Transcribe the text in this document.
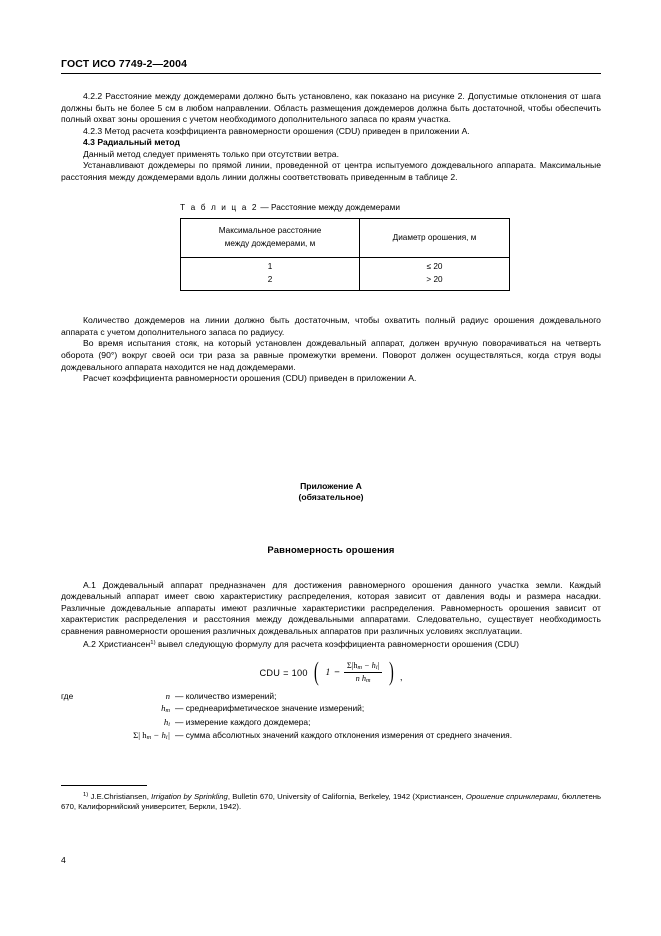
ГОСТ ИСО 7749-2—2004

4.2.2 Расстояние между дождемерами должно быть установлено, как показано на рисунке 2. Допустимые отклонения от шага должны быть не более 5 см в любом направлении. Область размещения дождемеров должна быть достаточной, чтобы обеспечить полный охват зоны орошения с учетом необходимого дополнительного запаса по краям участка.

4.2.3 Метод расчета коэффициента равномерности орошения (CDU) приведен в приложении А.

4.3 Радиальный метод

Данный метод следует применять только при отсутствии ветра.

Устанавливают дождемеры по прямой линии, проведенной от центра испытуемого дождевального аппарата. Максимальные расстояния между дождемерами вдоль линии должны соответствовать приведенным в таблице 2.

Т а б л и ц а 2 — Расстояние между дождемерами

Максимальное расстояние
между дождемерами, м	Диаметр орошения, м
1	≤ 20
2	> 20

Количество дождемеров на линии должно быть достаточным, чтобы охватить полный радиус орошения дождевального аппарата с учетом дополнительного запаса по радиусу.

Во время испытания стояк, на который установлен дождевальный аппарат, должен вручную поворачиваться на четверть оборота (90°) вокруг своей оси три раза за равные промежутки времени. Поворот должен осуществляться, когда струя воды дождевального аппарата находится не над дождемерами.

Расчет коэффициента равномерности орошения (CDU) приведен в приложении А.

Приложение А

(обязательное)

Равномерность орошения

А.1 Дождевальный аппарат предназначен для достижения равномерного орошения данного участка земли. Каждый дождевальный аппарат имеет свою характеристику распределения, которая зависит от давления воды и размера насадки. Различные дождевальные аппараты имеют различные характеристики распределения. Равномерность орошения зависит от характеристик распределения и расстояния между дождевальными аппаратами. Следовательно, существует необходимость сравнения равномерности орошения различных дождевальных аппаратов при различных условиях эксплуатации.

А.2 Христиансен$^{1)}$ вывел следующую формулу для расчета коэффициента равномерности орошения (CDU)

CDU = 100 ( $1 - \frac{\Sigma|h_m - h_i|}{n h_m}$ ) ,

где	n — количество измерений;
$h_m$ — среднеарифметическое значение измерений;
$h_i$ — измерение каждого дождемера;
Σ| $h_m - h_i|$ — сумма абсолютных значений каждого отклонения измерения от среднего значения.

$^{1)}$ J.E.Christiansen, Irrigation by Sprinkling, Bulletin 670, University of California, Berkeley, 1942 (Христиансен, Орошение спринклерами, бюллетень 670, Калифорнийский университет, Беркли, 1942).

4
